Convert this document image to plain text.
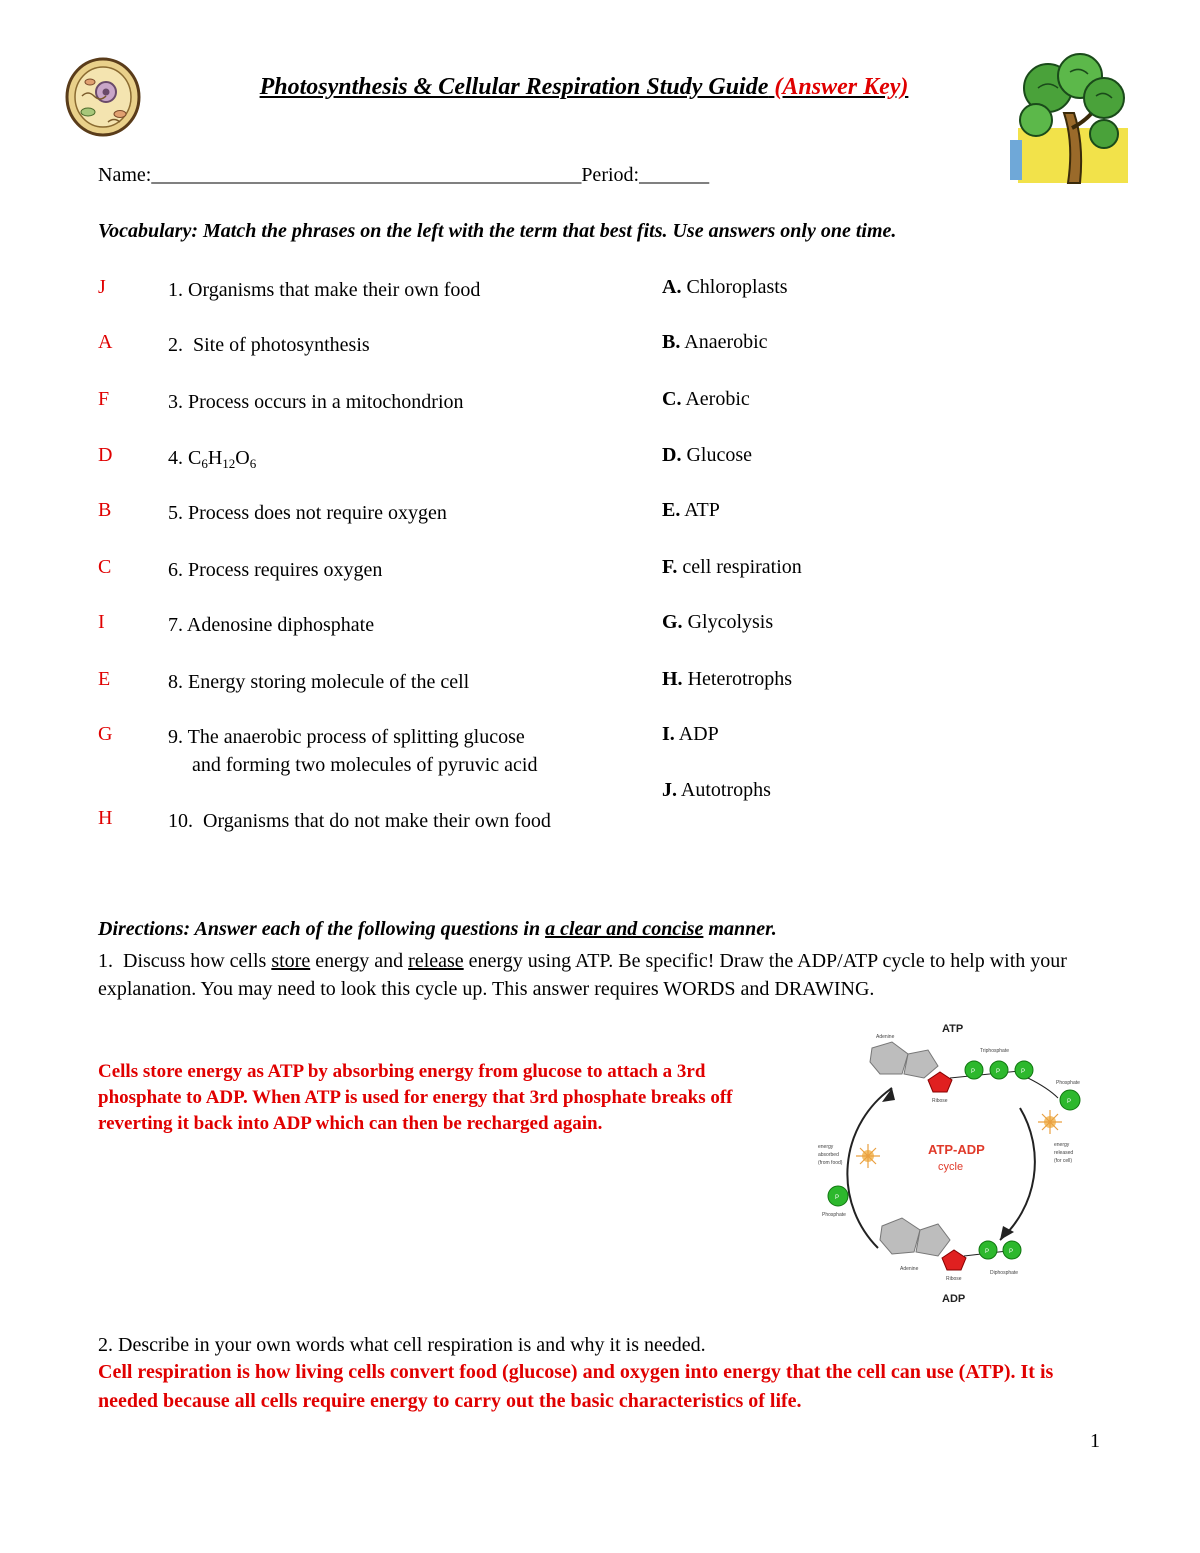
Photosynthesis & Cellular Respiration Study Guide (Answer Key)
Name:___________________________________________Period:_______
Vocabulary: Match the phrases on the left with the term that best fits. Use answers only one time.
J	1. Organisms that make their own food
A	2.  Site of photosynthesis
F	3. Process occurs in a mitochondrion
D	4. $C_6H_{12}O_6$
B	5. Process does not require oxygen
C	6. Process requires oxygen
I	7. Adenosine diphosphate
E	8. Energy storing molecule of the cell
G	9. The anaerobic process of splitting glucose
and forming two molecules of pyruvic acid
H	10.  Organisms that do not make their own food
A. Chloroplasts
B. Anaerobic
C. Aerobic
D. Glucose
E. ATP
F. cell respiration
G. Glycolysis
H. Heterotrophs
I. ADP
J. Autotrophs
Directions: Answer each of the following questions in a clear and concise manner.
1.  Discuss how cells store energy and release energy using ATP. Be specific! Draw the ADP/ATP cycle to help with your explanation. You may need to look this cycle up. This answer requires WORDS and DRAWING.
Cells store energy as ATP by absorbing energy from glucose to attach a 3rd phosphate to ADP. When ATP is used for energy that 3rd phosphate breaks off reverting it back into ADP which can then be recharged again.
ATP
Adenine
Ribose
P	P	P
Triphosphate
P
Phosphate
energy
released
(for cell)
energy
absorbed
(from food)
P
Phosphate
ATP-ADP
cycle
Adenine
Ribose
P	P
Diphosphate
ADP
2. Describe in your own words what cell respiration is and why it is needed.
Cell respiration is how living cells convert food (glucose) and oxygen into energy that the cell can use (ATP). It is needed because all cells require energy to carry out the basic characteristics of life.
1
